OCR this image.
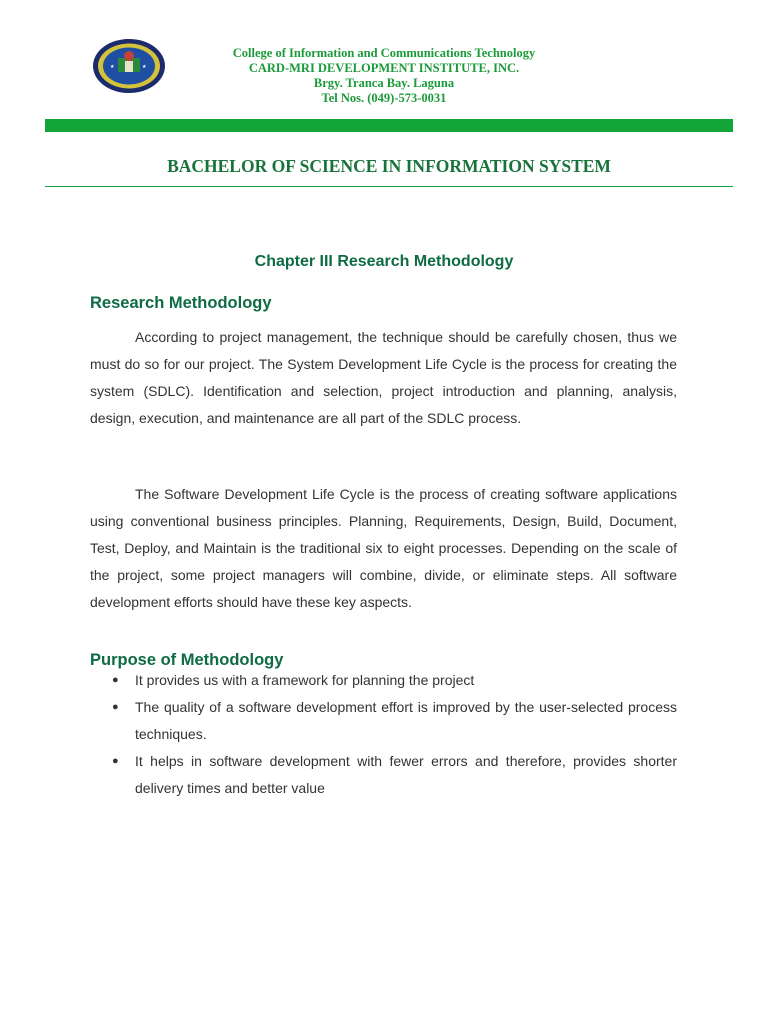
★
★
College of Information and Communications Technology
CARD-MRI DEVELOPMENT INSTITUTE, INC.
Brgy. Tranca Bay. Laguna
Tel Nos. (049)-573-0031
BACHELOR OF SCIENCE IN INFORMATION SYSTEM
Chapter III Research Methodology
Research Methodology

According to project management, the technique should be carefully chosen, thus we must do so for our project. The System Development Life Cycle is the process for creating the system (SDLC). Identification and selection, project introduction and planning, analysis, design, execution, and maintenance are all part of the SDLC process.

The Software Development Life Cycle is the process of creating software applications using conventional business principles. Planning, Requirements, Design, Build, Document, Test, Deploy, and Maintain is the traditional six to eight processes. Depending on the scale of the project, some project managers will combine, divide, or eliminate steps. All software development efforts should have these key aspects.

Purpose of Methodology
● It provides us with a framework for planning the project
● The quality of a software development effort is improved by the user-selected process techniques.
● It helps in software development with fewer errors and therefore, provides shorter delivery times and better value
